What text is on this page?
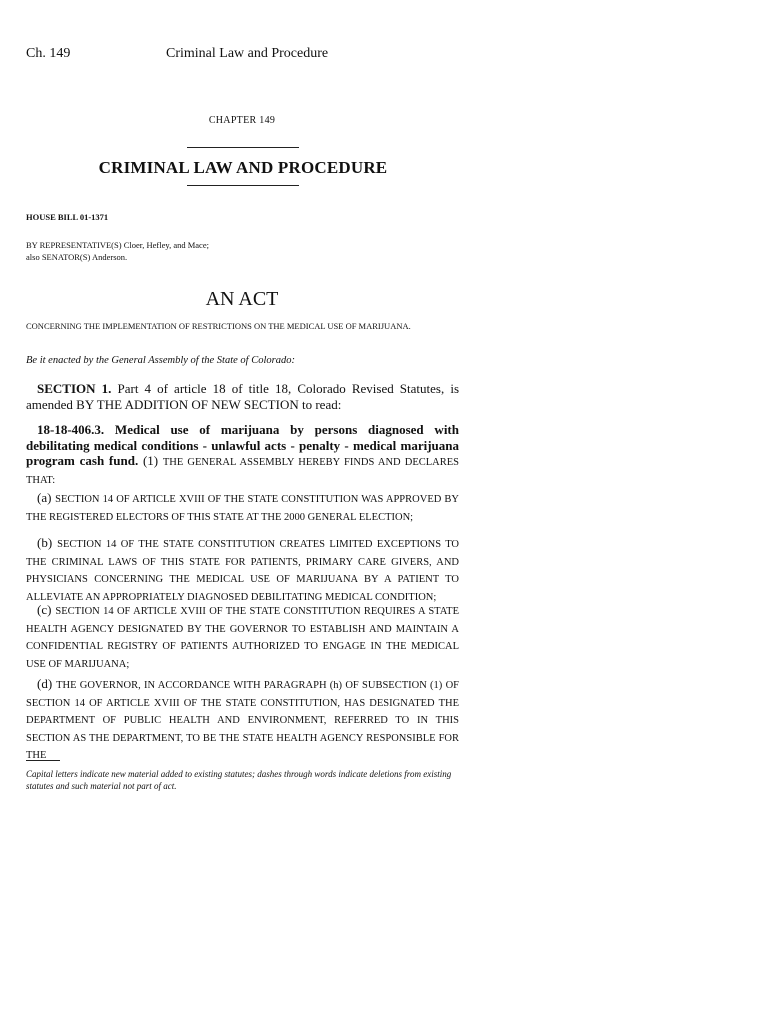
Ch. 149	Criminal Law and Procedure

CHAPTER 149

CRIMINAL LAW AND PROCEDURE

HOUSE BILL 01-1371

BY REPRESENTATIVE(S) Cloer, Hefley, and Mace;
also SENATOR(S) Anderson.

AN ACT

CONCERNING THE IMPLEMENTATION OF RESTRICTIONS ON THE MEDICAL USE OF MARIJUANA.

Be it enacted by the General Assembly of the State of Colorado:

SECTION 1. Part 4 of article 18 of title 18, Colorado Revised Statutes, is amended BY THE ADDITION OF NEW SECTION to read:

18-18-406.3. Medical use of marijuana by persons diagnosed with debilitating medical conditions - unlawful acts - penalty - medical marijuana program cash fund. (1) THE GENERAL ASSEMBLY HEREBY FINDS AND DECLARES THAT:

(a) SECTION 14 OF ARTICLE XVIII OF THE STATE CONSTITUTION WAS APPROVED BY THE REGISTERED ELECTORS OF THIS STATE AT THE 2000 GENERAL ELECTION;

(b) SECTION 14 OF THE STATE CONSTITUTION CREATES LIMITED EXCEPTIONS TO THE CRIMINAL LAWS OF THIS STATE FOR PATIENTS, PRIMARY CARE GIVERS, AND PHYSICIANS CONCERNING THE MEDICAL USE OF MARIJUANA BY A PATIENT TO ALLEVIATE AN APPROPRIATELY DIAGNOSED DEBILITATING MEDICAL CONDITION;

(c) SECTION 14 OF ARTICLE XVIII OF THE STATE CONSTITUTION REQUIRES A STATE HEALTH AGENCY DESIGNATED BY THE GOVERNOR TO ESTABLISH AND MAINTAIN A CONFIDENTIAL REGISTRY OF PATIENTS AUTHORIZED TO ENGAGE IN THE MEDICAL USE OF MARIJUANA;

(d) THE GOVERNOR, IN ACCORDANCE WITH PARAGRAPH (h) OF SUBSECTION (1) OF SECTION 14 OF ARTICLE XVIII OF THE STATE CONSTITUTION, HAS DESIGNATED THE DEPARTMENT OF PUBLIC HEALTH AND ENVIRONMENT, REFERRED TO IN THIS SECTION AS THE DEPARTMENT, TO BE THE STATE HEALTH AGENCY RESPONSIBLE FOR THE

Capital letters indicate new material added to existing statutes; dashes through words indicate deletions from existing statutes and such material not part of act.
